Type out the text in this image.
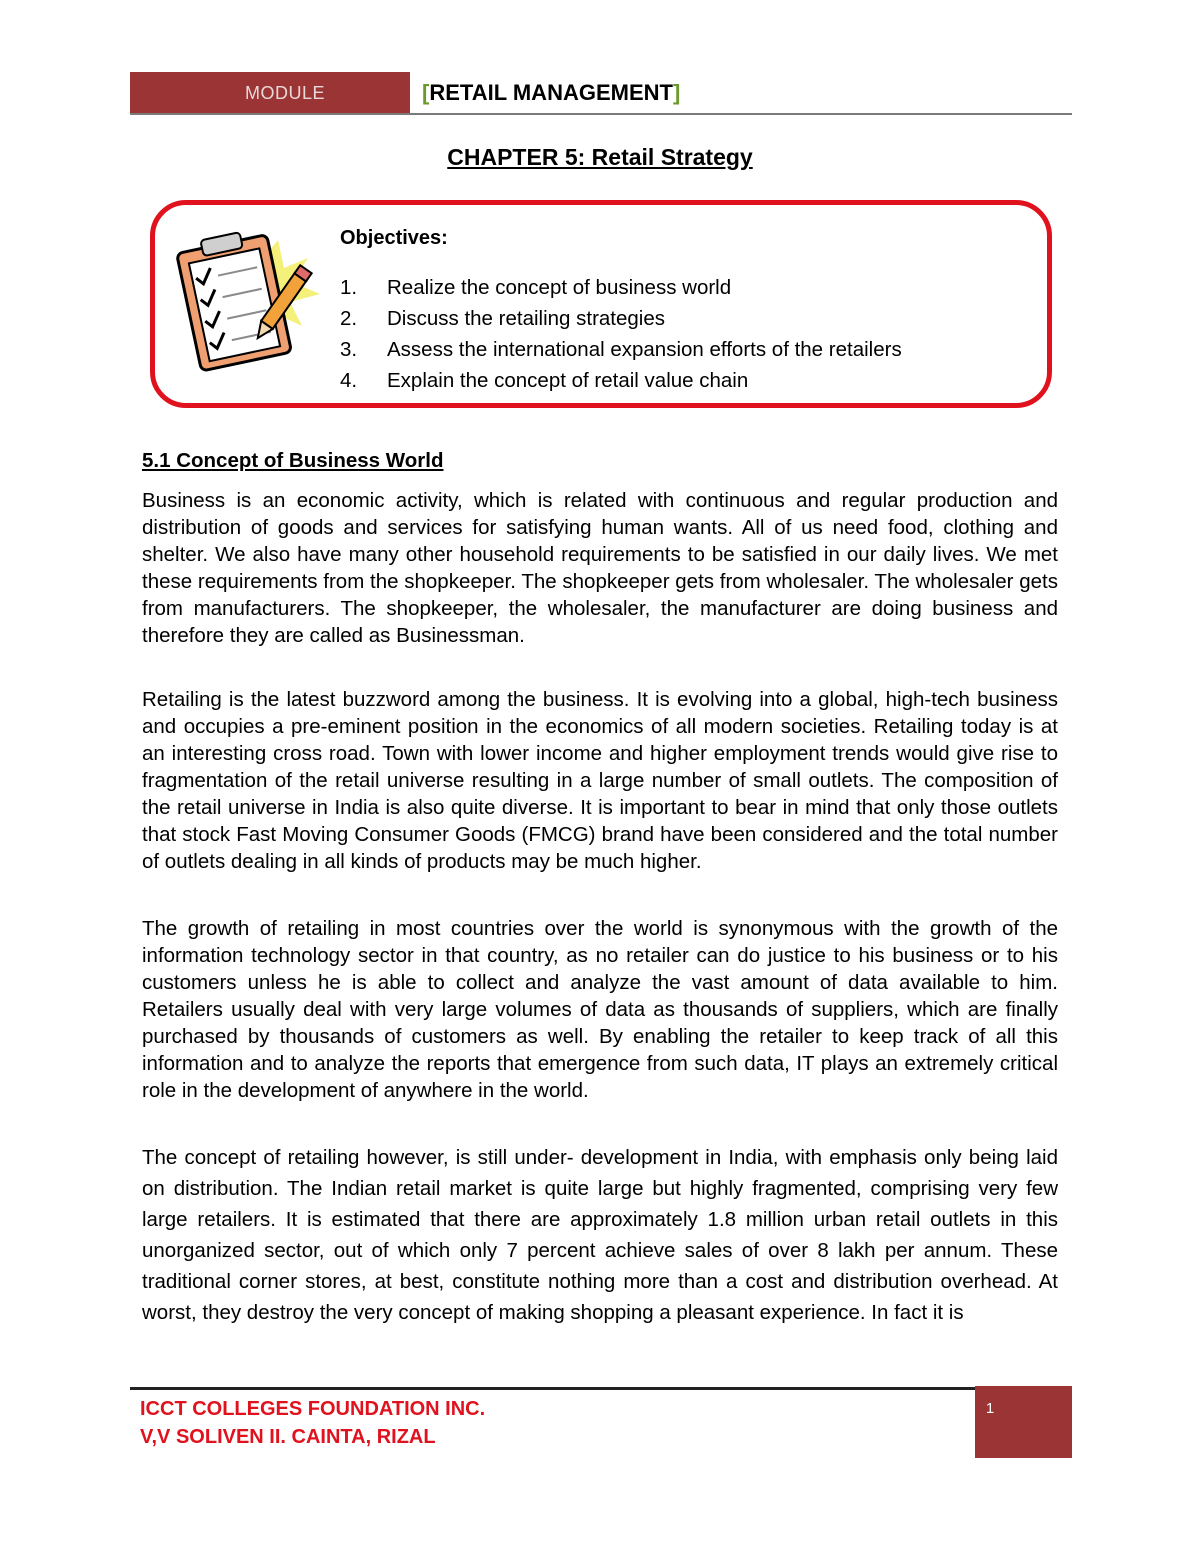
MODULE	[RETAIL MANAGEMENT]
CHAPTER 5: Retail Strategy
Objectives:
1.	Realize the concept of business world
2.	Discuss the retailing strategies
3.	Assess the international expansion efforts of the retailers
4.	Explain the concept of retail value chain
5.1 Concept of Business World

Business is an economic activity, which is related with continuous and regular production and distribution of goods and services for satisfying human wants. All of us need food, clothing and shelter. We also have many other household requirements to be satisfied in our daily lives. We met these requirements from the shopkeeper. The shopkeeper gets from wholesaler. The wholesaler gets from manufacturers. The shopkeeper, the wholesaler, the manufacturer are doing business and therefore they are called as Businessman.

Retailing is the latest buzzword among the business. It is evolving into a global, high-tech business and occupies a pre-eminent position in the economics of all modern societies. Retailing today is at an interesting cross road. Town with lower income and higher employment trends would give rise to fragmentation of the retail universe resulting in a large number of small outlets. The composition of the retail universe in India is also quite diverse. It is important to bear in mind that only those outlets that stock Fast Moving Consumer Goods (FMCG) brand have been considered and the total number of outlets dealing in all kinds of products may be much higher.

The growth of retailing in most countries over the world is synonymous with the growth of the information technology sector in that country, as no retailer can do justice to his business or to his customers unless he is able to collect and analyze the vast amount of data available to him. Retailers usually deal with very large volumes of data as thousands of suppliers, which are finally purchased by thousands of customers as well. By enabling the retailer to keep track of all this information and to analyze the reports that emergence from such data, IT plays an extremely critical role in the development of anywhere in the world.

The concept of retailing however, is still under- development in India, with emphasis only being laid on distribution. The Indian retail market is quite large but highly fragmented, comprising very few large retailers. It is estimated that there are approximately 1.8 million urban retail outlets in this unorganized sector, out of which only 7 percent achieve sales of over 8 lakh per annum. These traditional corner stores, at best, constitute nothing more than a cost and distribution overhead. At worst, they destroy the very concept of making shopping a pleasant experience. In fact it is

1
ICCT COLLEGES FOUNDATION INC.
V,V SOLIVEN II. CAINTA, RIZAL
